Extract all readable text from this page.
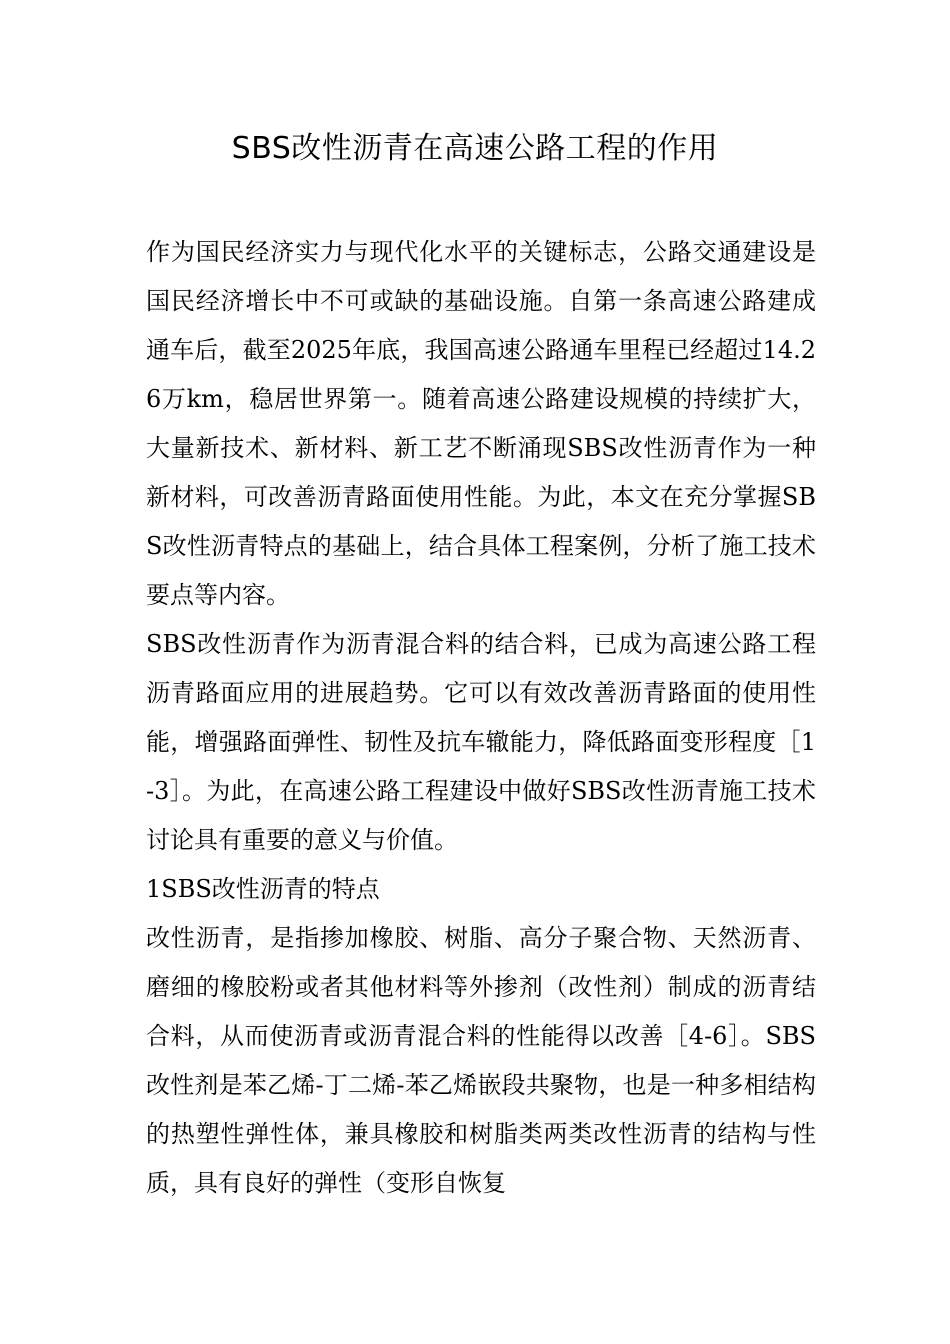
SBS改性沥青在高速公路工程的作用

作为国民经济实力与现代化水平的关键标志，公路交通建设是国民经济增长中不可或缺的基础设施。自第一条高速公路建成通车后，截至2025年底，我国高速公路通车里程已经超过14.26万km，稳居世界第一。随着高速公路建设规模的持续扩大，大量新技术、新材料、新工艺不断涌现SBS改性沥青作为一种新材料，可改善沥青路面使用性能。为此，本文在充分掌握SBS改性沥青特点的基础上，结合具体工程案例，分析了施工技术要点等内容。

SBS改性沥青作为沥青混合料的结合料，已成为高速公路工程沥青路面应用的进展趋势。它可以有效改善沥青路面的使用性能，增强路面弹性、韧性及抗车辙能力，降低路面变形程度［1-3］。为此，在高速公路工程建设中做好SBS改性沥青施工技术讨论具有重要的意义与价值。

1SBS改性沥青的特点

改性沥青，是指掺加橡胶、树脂、高分子聚合物、天然沥青、磨细的橡胶粉或者其他材料等外掺剂（改性剂）制成的沥青结合料，从而使沥青或沥青混合料的性能得以改善［4-6］。SBS改性剂是苯乙烯-丁二烯-苯乙烯嵌段共聚物，也是一种多相结构的热塑性弹性体，兼具橡胶和树脂类两类改性沥青的结构与性质，具有良好的弹性（变形自恢复
